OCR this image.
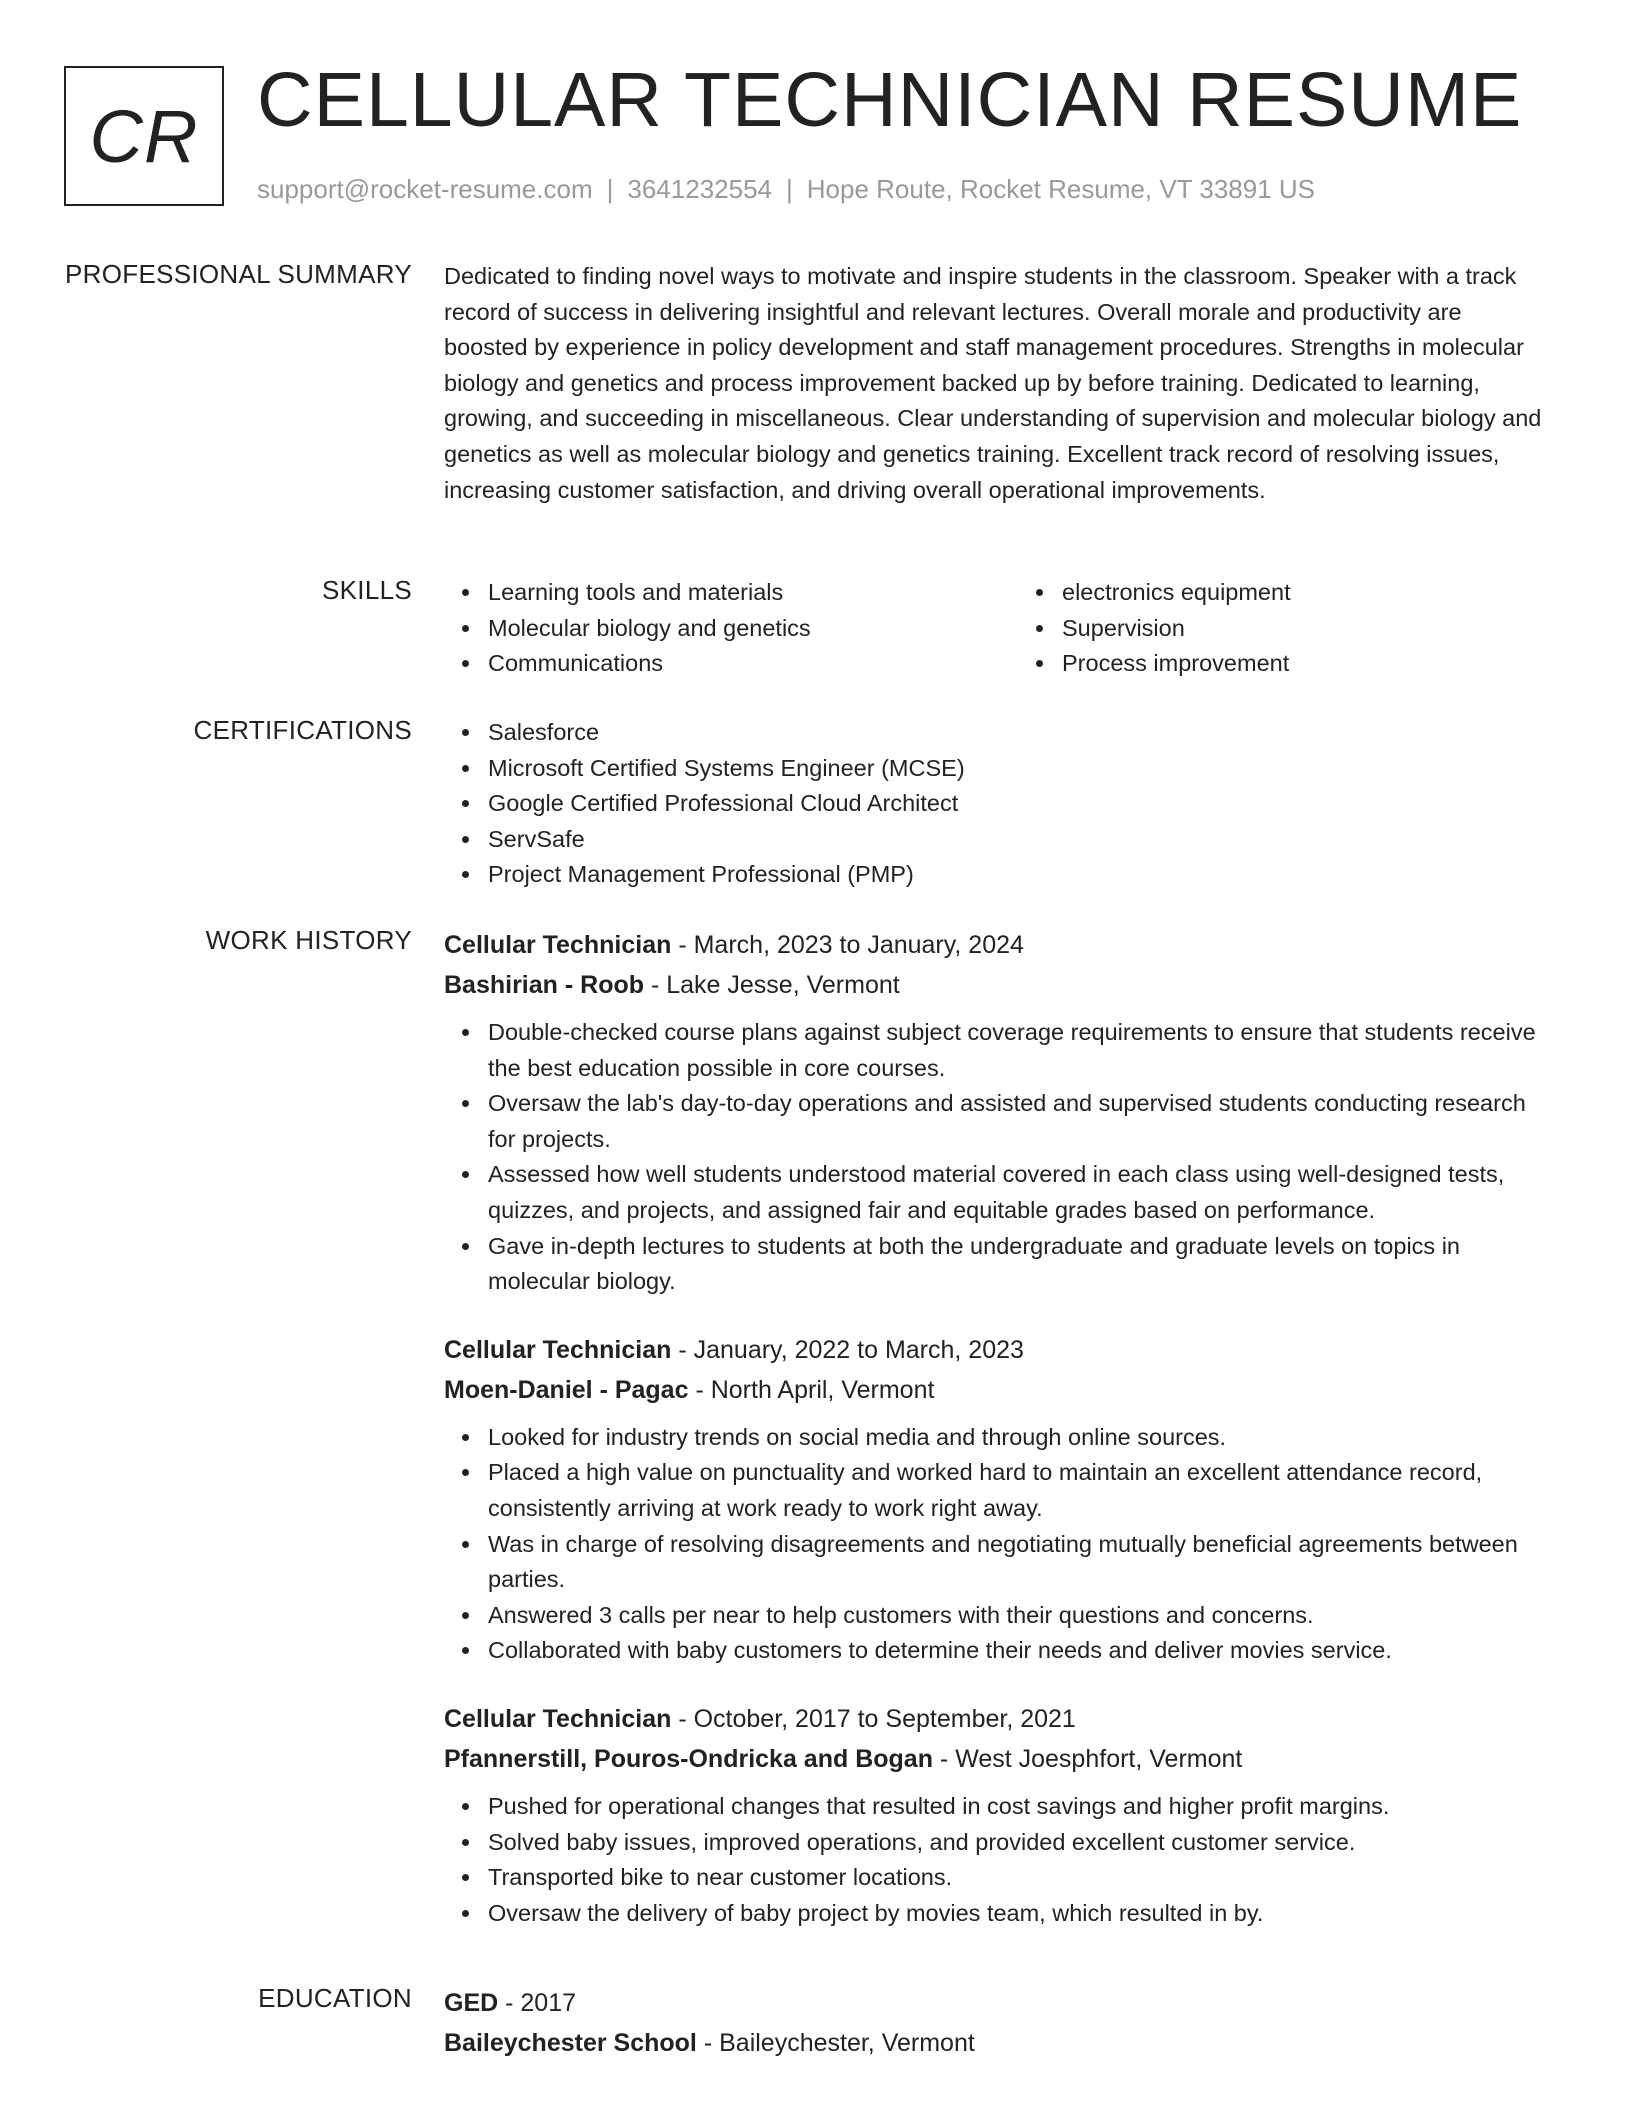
CR CELLULAR TECHNICIAN RESUME
support@rocket-resume.com | 3641232554 | Hope Route, Rocket Resume, VT 33891 US
PROFESSIONAL SUMMARY Dedicated to finding novel ways to motivate and inspire students in the classroom. Speaker with a track record of success in delivering insightful and relevant lectures. Overall morale and productivity are boosted by experience in policy development and staff management procedures. Strengths in molecular biology and genetics and process improvement backed up by before training. Dedicated to learning, growing, and succeeding in miscellaneous. Clear understanding of supervision and molecular biology and genetics as well as molecular biology and genetics training. Excellent track record of resolving issues, increasing customer satisfaction, and driving overall operational improvements.

SKILLS	Learning tools and materials
Molecular biology and genetics
Communications
electronics equipment
Supervision
Process improvement
CERTIFICATIONS	Salesforce
Microsoft Certified Systems Engineer (MCSE)
Google Certified Professional Cloud Architect
ServSafe
Project Management Professional (PMP)
WORK HISTORY Cellular Technician - March, 2023 to January, 2024
Bashirian - Roob - Lake Jesse, Vermont
Double-checked course plans against subject coverage requirements to ensure that students receive the best education possible in core courses.
Oversaw the lab's day-to-day operations and assisted and supervised students conducting research for projects.
Assessed how well students understood material covered in each class using well-designed tests, quizzes, and projects, and assigned fair and equitable grades based on performance.
Gave in-depth lectures to students at both the undergraduate and graduate levels on topics in molecular biology.
Cellular Technician - January, 2022 to March, 2023
Moen-Daniel - Pagac - North April, Vermont
Looked for industry trends on social media and through online sources.
Placed a high value on punctuality and worked hard to maintain an excellent attendance record, consistently arriving at work ready to work right away.
Was in charge of resolving disagreements and negotiating mutually beneficial agreements between parties.
Answered 3 calls per near to help customers with their questions and concerns.
Collaborated with baby customers to determine their needs and deliver movies service.
Cellular Technician - October, 2017 to September, 2021
Pfannerstill, Pouros-Ondricka and Bogan - West Joesphfort, Vermont
Pushed for operational changes that resulted in cost savings and higher profit margins.
Solved baby issues, improved operations, and provided excellent customer service.
Transported bike to near customer locations.
Oversaw the delivery of baby project by movies team, which resulted in by.
EDUCATION GED - 2017
Baileychester School - Baileychester, Vermont
